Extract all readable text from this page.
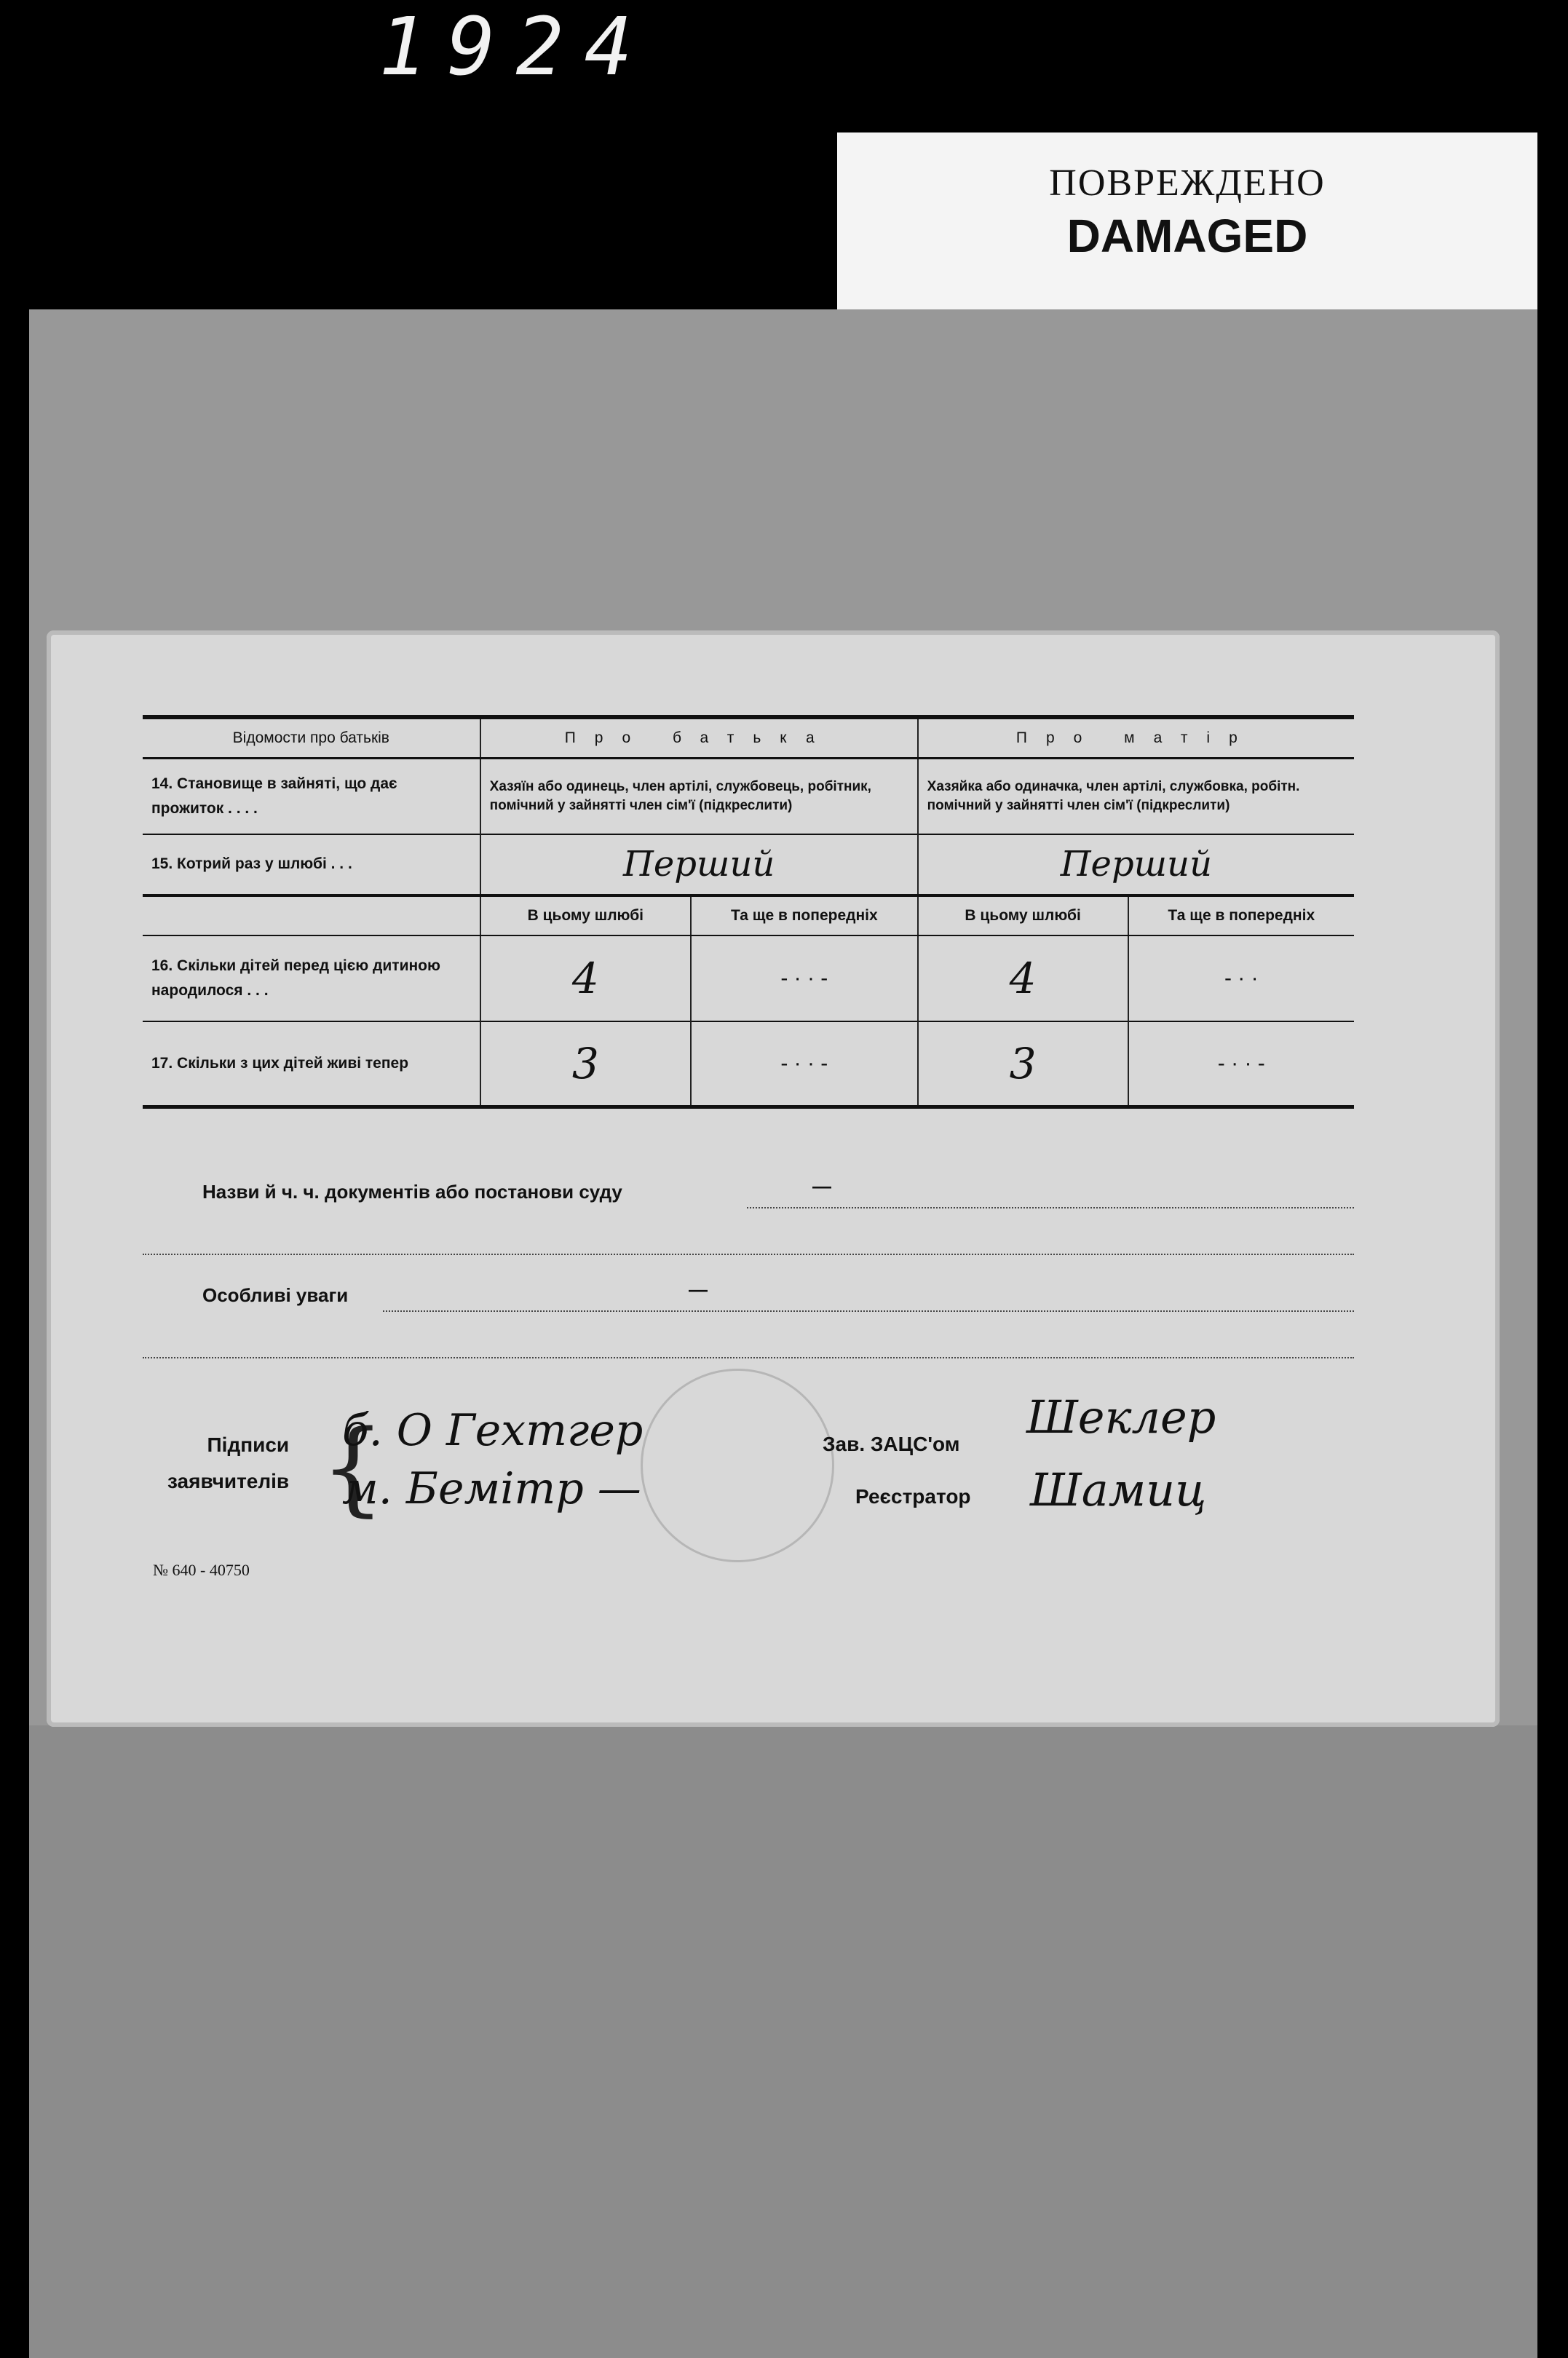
1924
ПОВРЕЖДЕНО
DAMAGED
Відомости про батьків	Про батька		Про матір	
14. Становище в зайняті, що дає прожиток . . . .	Хазяїн або одинець, член артілі, службовець, робітник, помічний у зайнятті член сім'ї (підкреслити)		Хазяйка або одиначка, член артілі, службовка, робітн. помічний у зайнятті член сім'ї (підкреслити)	
15. Котрий раз у шлюбі . . .	Перший		Перший	
	В цьому шлюбі	Та ще в попередніх	В цьому шлюбі	Та ще в попередніх
16. Скільки дітей перед цією дитиною народилося . . .	4	- · · -	4	- · ·
17. Скільки з цих дітей живі тепер	3	- · · -	3	- · · -
Назви й ч. ч. документів або постанови суду	—
Особливі уваги	—
Підписи
заявчителів {
б. О Гехтгер
м. Бемітр —
Зав. ЗАЦС'ом
Реєстратор
Шеклер
Шамиц
№ 640 - 40750
